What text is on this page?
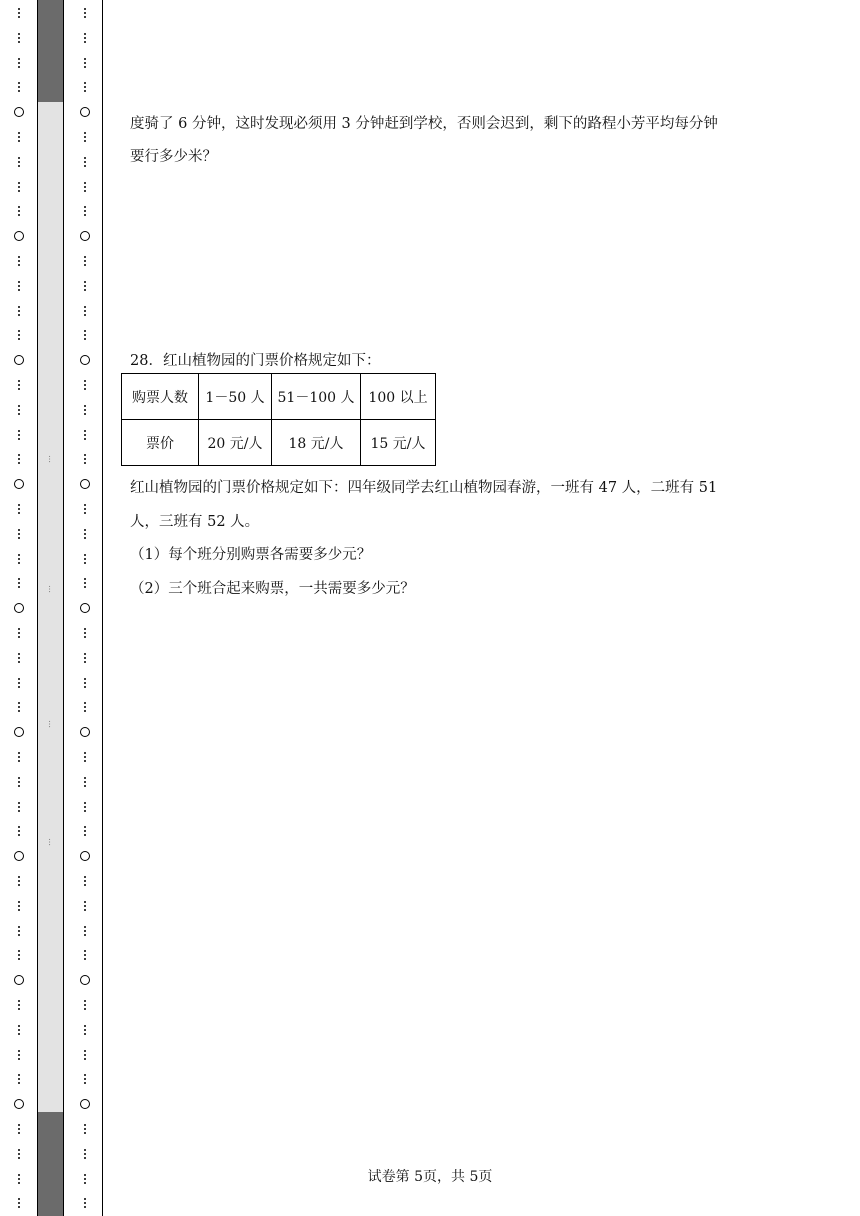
…
…
…
…
度骑了 6 分钟，这时发现必须用 3 分钟赶到学校，否则会迟到，剩下的路程小芳平均每分钟
要行多少米？
28．红山植物园的门票价格规定如下：
购票人数	1－50 人	51－100 人	100 以上
票价	20 元/人	18 元/人	15 元/人
红山植物园的门票价格规定如下：四年级同学去红山植物园春游，一班有 47 人，二班有 51
人，三班有 52 人。
（1）每个班分别购票各需要多少元？
（2）三个班合起来购票，一共需要多少元？
试卷第 5页，共 5页
